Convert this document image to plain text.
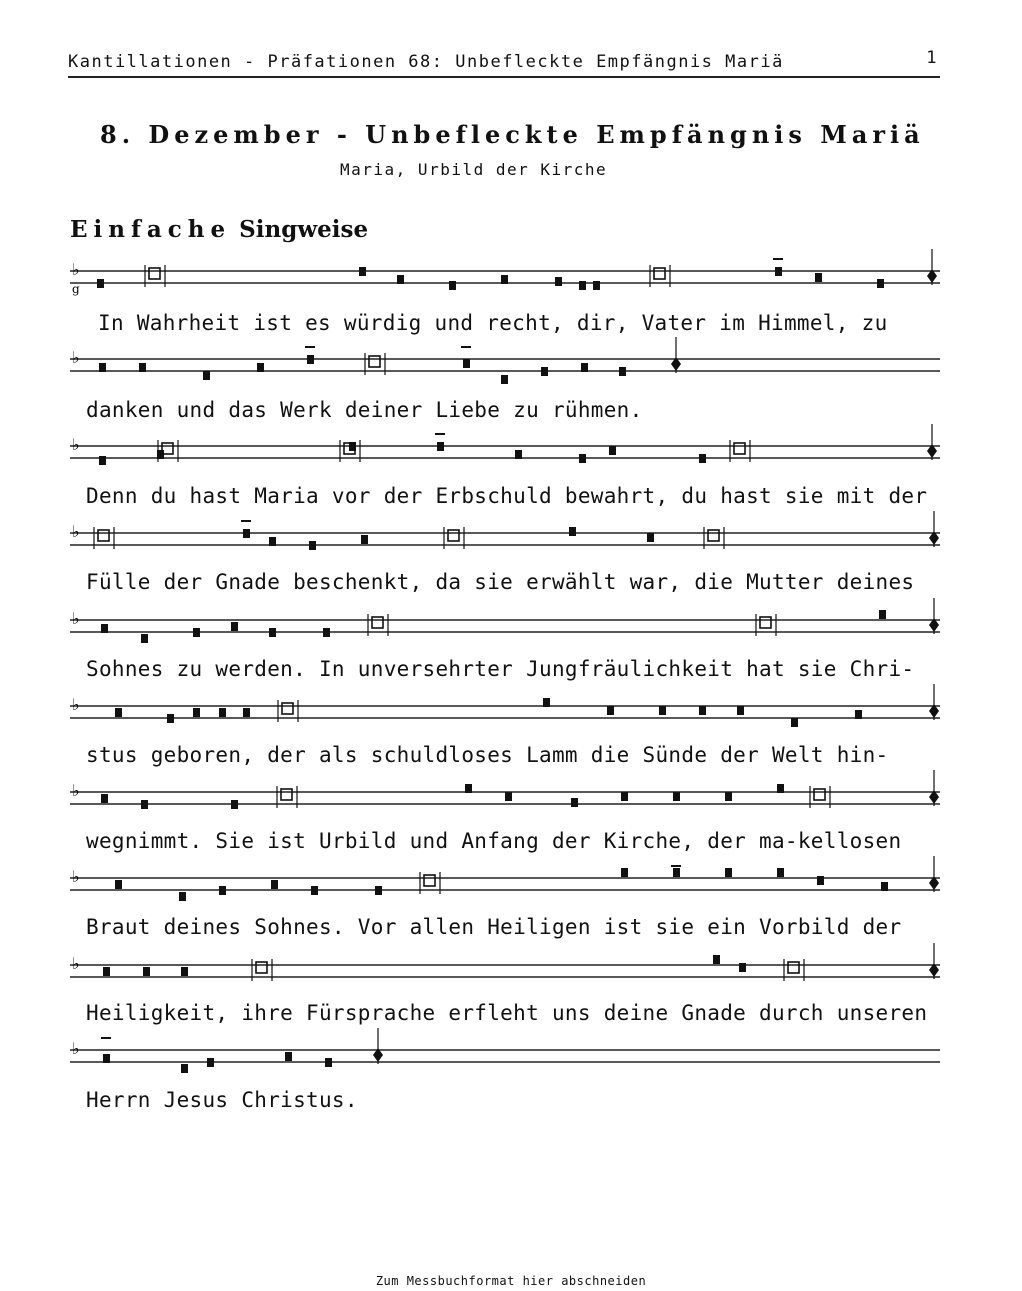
Kantillationen - Präfationen 68: Unbefleckte Empfängnis Mariä	1
8. Dezember - Unbefleckte Empfängnis Mariä
Maria, Urbild der Kirche
Einfache Singweise
♭
g
♭
♭
♭
♭
♭
♭
♭
♭
♭
In Wahrheit ist es würdig und recht, dir, Vater im Himmel, zu
danken und das Werk deiner Liebe zu rühmen.
Denn du hast Maria vor der Erbschuld bewahrt, du hast sie mit der
Fülle der Gnade beschenkt, da sie erwählt war, die Mutter deines
Sohnes zu werden. In unversehrter Jungfräulichkeit hat sie Chri-
stus geboren, der als schuldloses Lamm die Sünde der Welt hin-
wegnimmt. Sie ist Urbild und Anfang der Kirche, der ma-kellosen
Braut deines Sohnes. Vor allen Heiligen ist sie ein Vorbild der
Heiligkeit, ihre Fürsprache erfleht uns deine Gnade durch unseren
Herrn Jesus Christus.
Zum Messbuchformat hier abschneiden
